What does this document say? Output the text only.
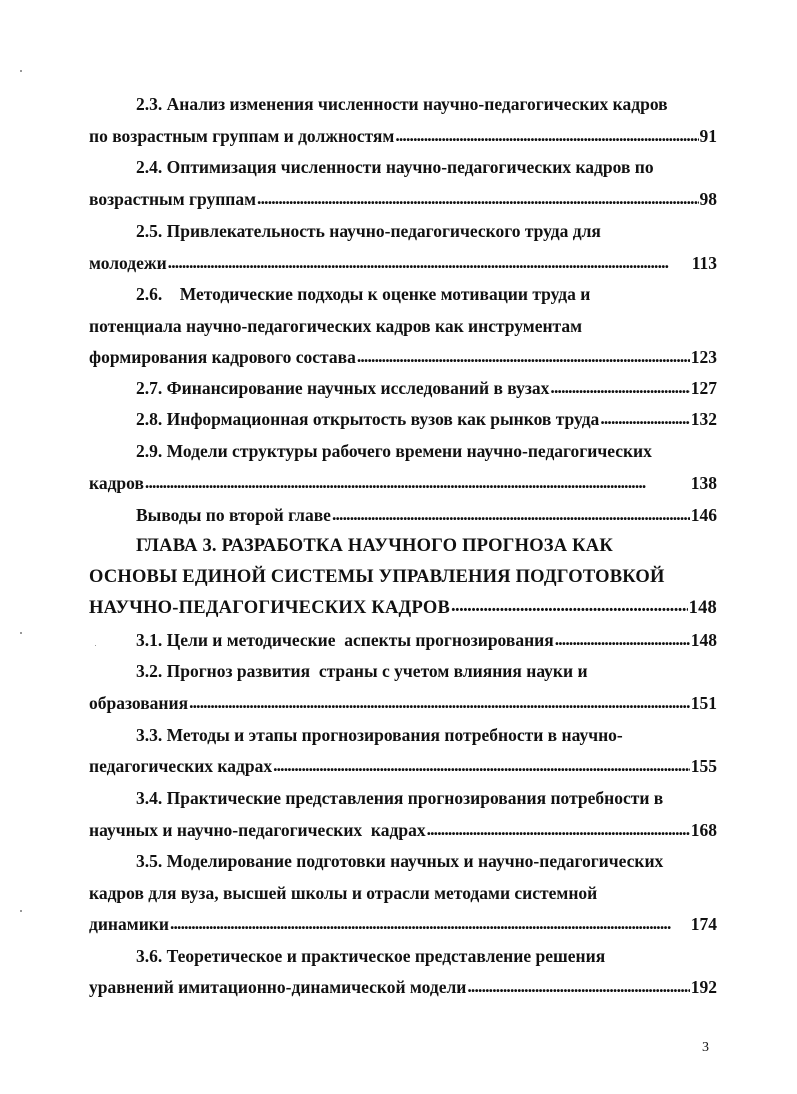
2.3. Анализ изменения численности научно-педагогических кадров
по возрастным группам и должностям . . .	91
2.4. Оптимизация численности научно-педагогических кадров по
возрастным группам . . .	98
2.5. Привлекательность научно-педагогического труда для
молодежи . . .	113
2.6.    Методические подходы к оценке мотивации труда и
потенциала научно-педагогических кадров как инструментам
формирования кадрового состава . . .	123
2.7. Финансирование научных исследований в вузах . . .	127
2.8. Информационная открытость вузов как рынков труда . . .	132
2.9. Модели структуры рабочего времени научно-педагогических
кадров . . .	138
Выводы по второй главе . . .	146
ГЛАВА 3. РАЗРАБОТКА НАУЧНОГО ПРОГНОЗА КАК
ОСНОВЫ ЕДИНОЙ СИСТЕМЫ УПРАВЛЕНИЯ ПОДГОТОВКОЙ
НАУЧНО-ПЕДАГОГИЧЕСКИХ КАДРОВ . . .	148
3.1. Цели и методические  аспекты прогнозирования . . .	148
3.2. Прогноз развития  страны с учетом влияния науки и
образования . . .	151
3.3. Методы и этапы прогнозирования потребности в научно-
педагогических кадрах . . .	155
3.4. Практические представления прогнозирования потребности в
научных и научно-педагогических  кадрах . . .	168
3.5. Моделирование подготовки научных и научно-педагогических
кадров для вуза, высшей школы и отрасли методами системной
динамики . . .	174
3.6. Теоретическое и практическое представление решения
уравнений имитационно-динамической модели . . .	192
3
